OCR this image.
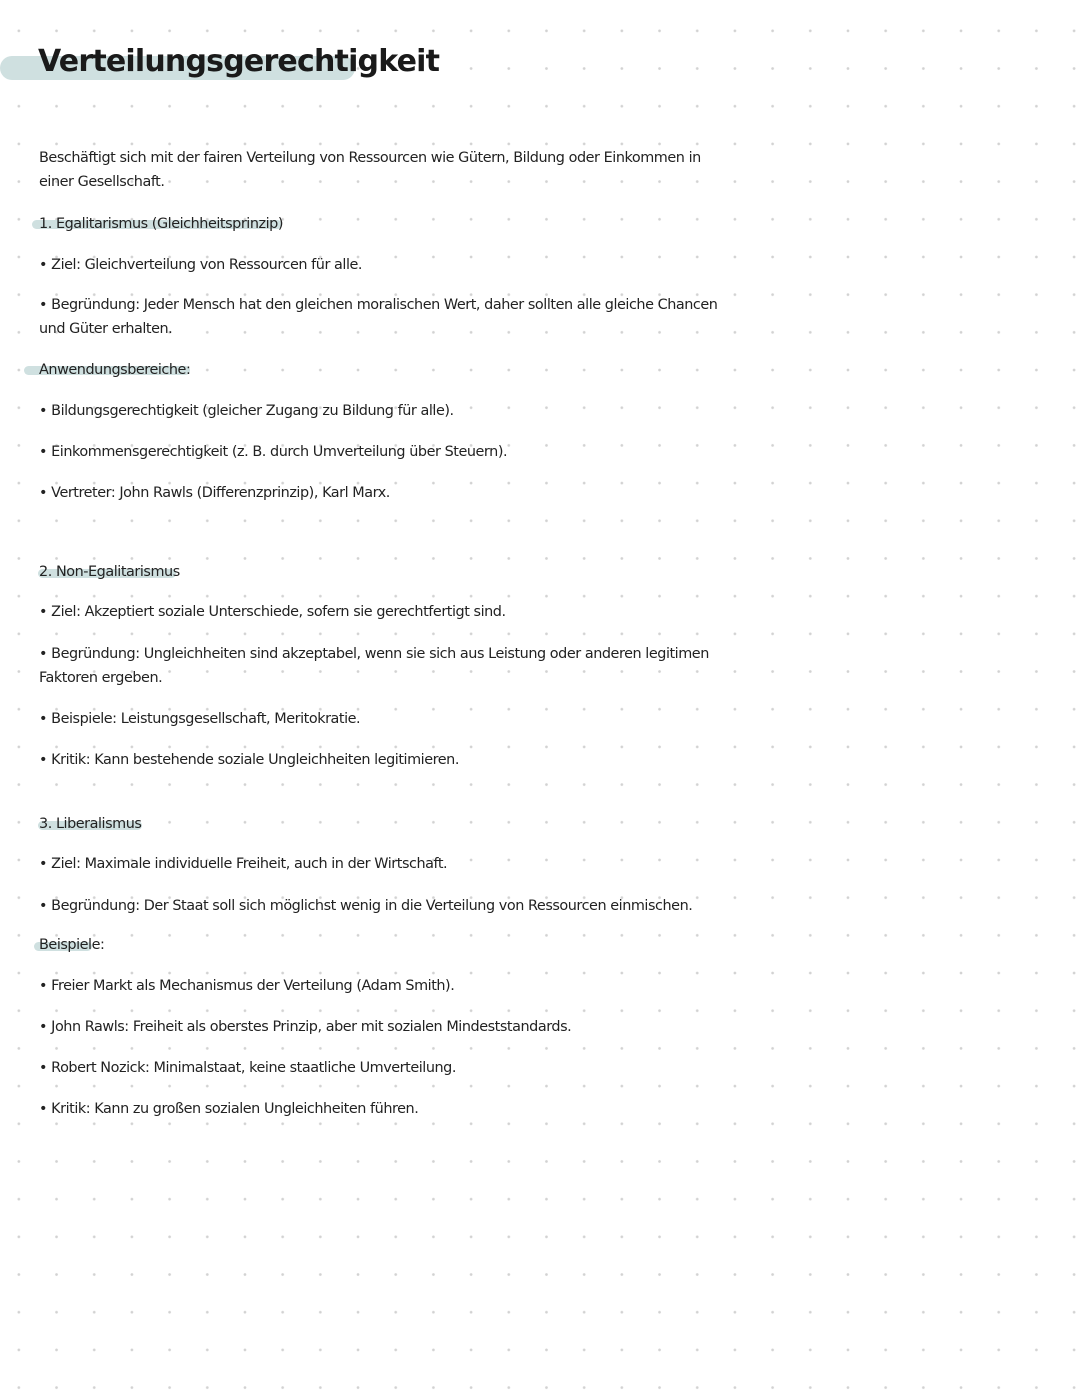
Verteilungsgerechtigkeit
Beschäftigt sich mit der fairen Verteilung von Ressourcen wie Gütern, Bildung oder Einkommen in einer Gesellschaft.
1. Egalitarismus (Gleichheitsprinzip)
• Ziel: Gleichverteilung von Ressourcen für alle.
• Begründung: Jeder Mensch hat den gleichen moralischen Wert, daher sollten alle gleiche Chancen und Güter erhalten.
Anwendungsbereiche:
• Bildungsgerechtigkeit (gleicher Zugang zu Bildung für alle).
• Einkommensgerechtigkeit (z. B. durch Umverteilung über Steuern).
• Vertreter: John Rawls (Differenzprinzip), Karl Marx.
2. Non-Egalitarismus
• Ziel: Akzeptiert soziale Unterschiede, sofern sie gerechtfertigt sind.
• Begründung: Ungleichheiten sind akzeptabel, wenn sie sich aus Leistung oder anderen legitimen Faktoren ergeben.
• Beispiele: Leistungsgesellschaft, Meritokratie.
• Kritik: Kann bestehende soziale Ungleichheiten legitimieren.
3. Liberalismus
• Ziel: Maximale individuelle Freiheit, auch in der Wirtschaft.
• Begründung: Der Staat soll sich möglichst wenig in die Verteilung von Ressourcen einmischen.
Beispiele:
• Freier Markt als Mechanismus der Verteilung (Adam Smith).
• John Rawls: Freiheit als oberstes Prinzip, aber mit sozialen Mindeststandards.
• Robert Nozick: Minimalstaat, keine staatliche Umverteilung.
• Kritik: Kann zu großen sozialen Ungleichheiten führen.
